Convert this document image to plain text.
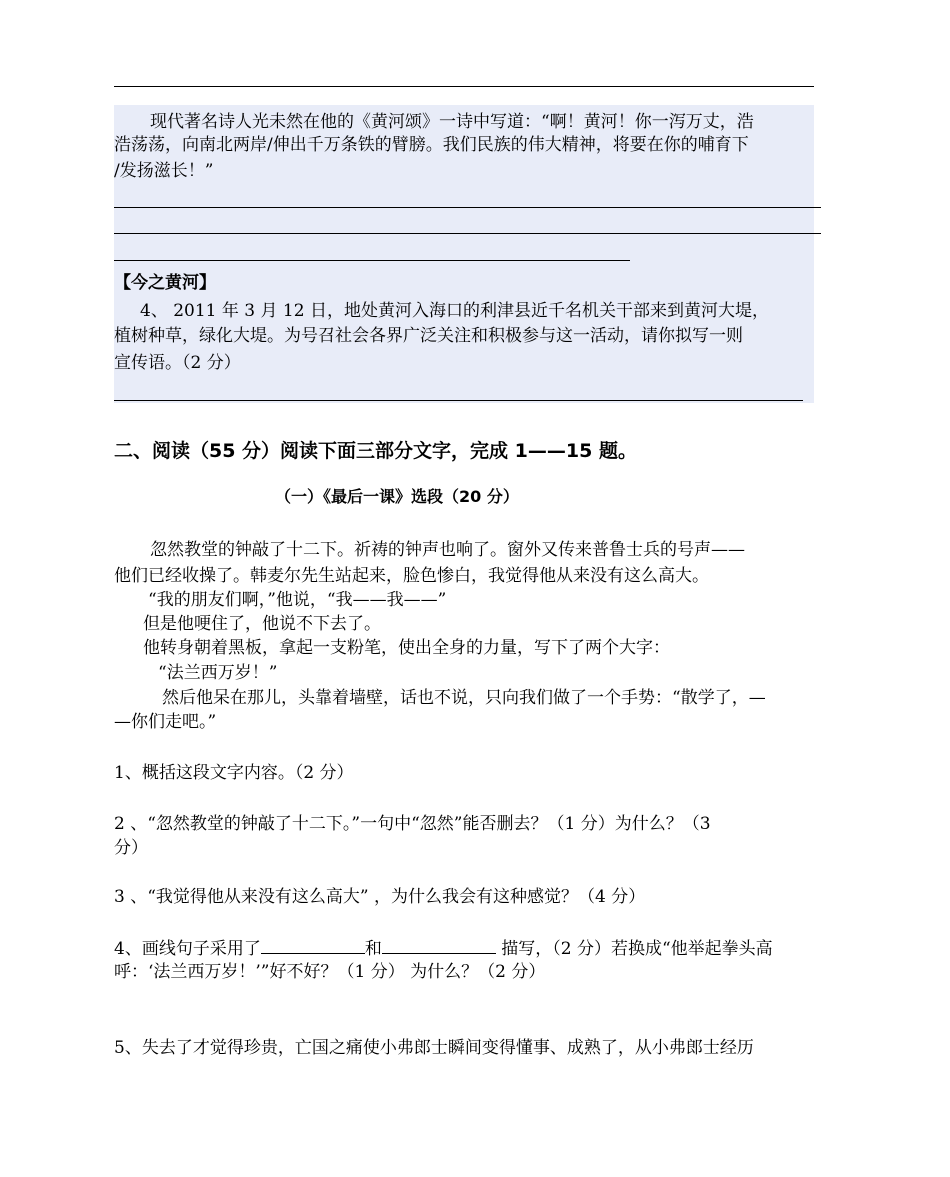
现代著名诗人光未然在他的《黄河颂》一诗中写道：“啊！黄河！你一泻万丈，浩
浩荡荡，向南北两岸/伸出千万条铁的臂膀。我们民族的伟大精神，将要在你的哺育下
/发扬滋长！”
【今之黄河】
4、 2011 年 3 月 12 日，地处黄河入海口的利津县近千名机关干部来到黄河大堤，
植树种草，绿化大堤。为号召社会各界广泛关注和积极参与这一活动，请你拟写一则
宣传语。（2 分）
二、阅读（55 分）阅读下面三部分文字，完成 1——15 题。
（一）《最后一课》选段（20 分）
忽然教堂的钟敲了十二下。祈祷的钟声也响了。窗外又传来普鲁士兵的号声——
他们已经收操了。韩麦尔先生站起来，脸色惨白，我觉得他从来没有这么高大。
“我的朋友们啊，”他说，“我——我——”
但是他哽住了，他说不下去了。
他转身朝着黑板，拿起一支粉笔，使出全身的力量，写下了两个大字：
“法兰西万岁！”
然后他呆在那儿，头靠着墙壁，话也不说，只向我们做了一个手势：“散学了，—
—你们走吧。”
1、概括这段文字内容。（2 分）
2 、“忽然教堂的钟敲了十二下。”一句中“忽然”能否删去？（1 分）为什么？（3
分）
3 、“我觉得他从来没有这么高大” ，为什么我会有这种感觉？（4 分）
4、画线句子采用了	和	描写，（2 分）若换成“他举起拳头高
呼：‘法兰西万岁！’”好不好？（1 分） 为什么？（2 分）
5、失去了才觉得珍贵，亡国之痛使小弗郎士瞬间变得懂事、成熟了，从小弗郎士经历
